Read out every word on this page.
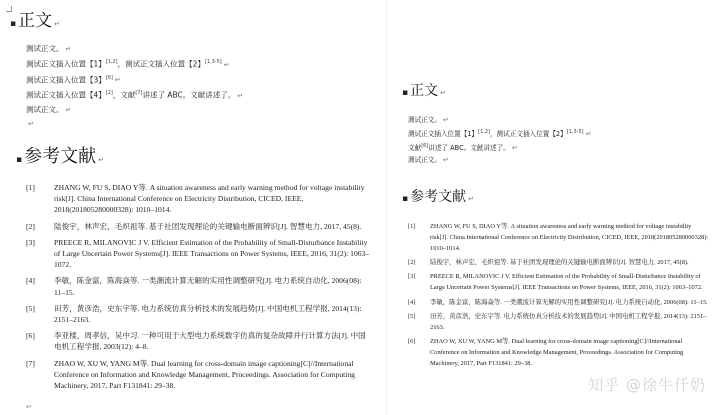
▪ 正文 ↵
测试正文。 ↵
测试正文插入位置【1】[1,2]，测试正文插入位置【2】[1,3-5] ↵
测试正文插入位置【3】[6] ↵
测试正文插入位置【4】[2]，文献[7]讲述了 ABC。文献讲述了。 ↵
测试正文。 ↵
↵
▪ 参考文献 ↵
[1]	ZHANG W, FU S, DIAO Y等. A situation awareness and early warning method for voltage instability risk[J]. China International Conference on Electricity Distribution, CICED, IEEE, 2018(201805280000328): 1010–1014.
[2]	陆俊宇，林声宏，毛炽祖等. 基于社团发现理论的关键输电断面辨识[J]. 智慧电力, 2017, 45(8).
[3]	PREECE R, MILANOVIC J V. Efficient Estimation of the Probability of Small-Disturbance Instability of Large Uncertain Power Systems[J]. IEEE Transactions on Power Systems, IEEE, 2016, 31(2): 1063–1072.
[4]	李敏，陈金富，陈海焱等. 一类潮流计算无解的实用性调整研究[J]. 电力系统自动化, 2006(08): 11–15.
[5]	田芳，黄彦浩，史东宇等. 电力系统仿真分析技术的发展趋势[J]. 中国电机工程学报, 2014(13): 2151–2163.
[6]	李亚楼，周孝信，吴中习. 一种可用于大型电力系统数字仿真的复杂故障并行计算方法[J]. 中国电机工程学报, 2003(12): 4–8.
[7]	ZHAO W, XU W, YANG M等. Dual learning for cross-domain image captioning[C]//International Conference on Information and Knowledge Management, Proceedings. Association for Computing Machinery, 2017, Part F131841: 29–38.
↵
▪ 正文 ↵
测试正文。 ↵
测试正文插入位置【1】[1,2]，测试正文插入位置【2】[1,3-5] ↵
文献[6]讲述了 ABC。文献讲述了。 ↵
测试正文。 ↵
▪ 参考文献 ↵
[1]	ZHANG W, FU S, DIAO Y等. A situation awareness and early warning method for voltage instability risk[J]. China International Conference on Electricity Distribution, CICED, IEEE, 2018(201805280000328): 1010–1014.
[2]	陆俊宇，林声宏，毛炽祖等. 基于社团发现理论的关键输电断面辨识[J]. 智慧电力, 2017, 45(8).
[3]	PREECE R, MILANOVIC J V. Efficient Estimation of the Probability of Small-Disturbance Instability of Large Uncertain Power Systems[J]. IEEE Transactions on Power Systems, IEEE, 2016, 31(2): 1063–1072.
[4]	李敏，陈金富，陈海焱等. 一类潮流计算无解的实用性调整研究[J]. 电力系统自动化, 2006(08): 11–15.
[5]	田芳，黄彦浩，史东宇等. 电力系统仿真分析技术的发展趋势[J]. 中国电机工程学报, 2014(13): 2151–2163.
[6]	ZHAO W, XU W, YANG M等. Dual learning for cross-domain image captioning[C]//International Conference on Information and Knowledge Management, Proceedings. Association for Computing Machinery, 2017, Part F131841: 29–38.
知乎 @徐牛仟奶
